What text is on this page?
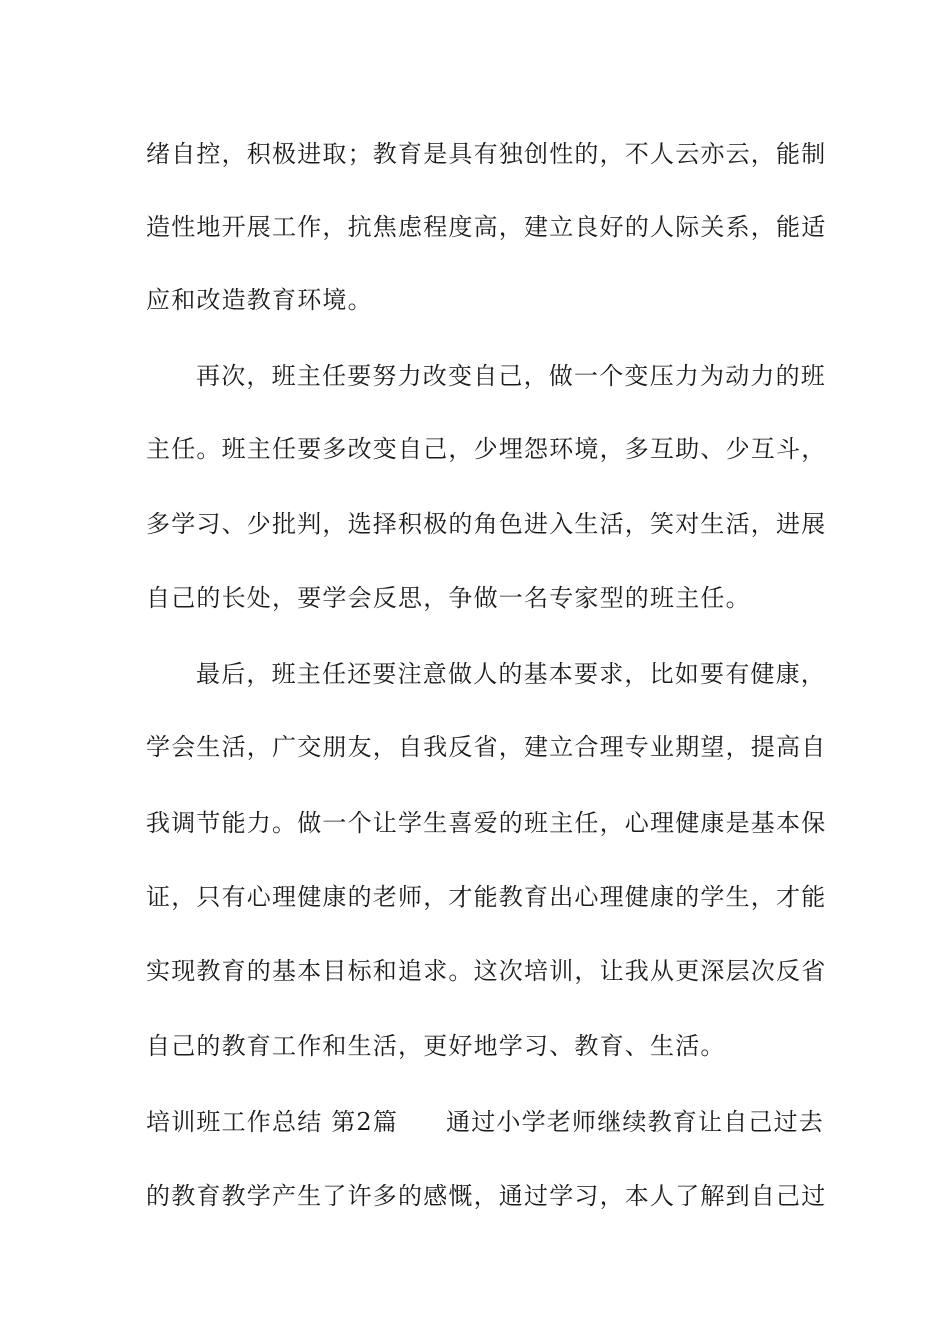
绪自控，积极进取；教育是具有独创性的，不人云亦云，能制
造性地开展工作，抗焦虑程度高，建立良好的人际关系，能适
应和改造教育环境。
再次，班主任要努力改变自己，做一个变压力为动力的班
主任。班主任要多改变自己，少埋怨环境，多互助、少互斗，
多学习、少批判，选择积极的角色进入生活，笑对生活，进展
自己的长处，要学会反思，争做一名专家型的班主任。
最后，班主任还要注意做人的基本要求，比如要有健康，
学会生活，广交朋友，自我反省，建立合理专业期望，提高自
我调节能力。做一个让学生喜爱的班主任，心理健康是基本保
证，只有心理健康的老师，才能教育出心理健康的学生，才能
实现教育的基本目标和追求。这次培训，让我从更深层次反省
自己的教育工作和生活，更好地学习、教育、生活。
培训班工作总结 第2篇 通过小学老师继续教育让自己过去
的教育教学产生了许多的感慨，通过学习，本人了解到自己过
